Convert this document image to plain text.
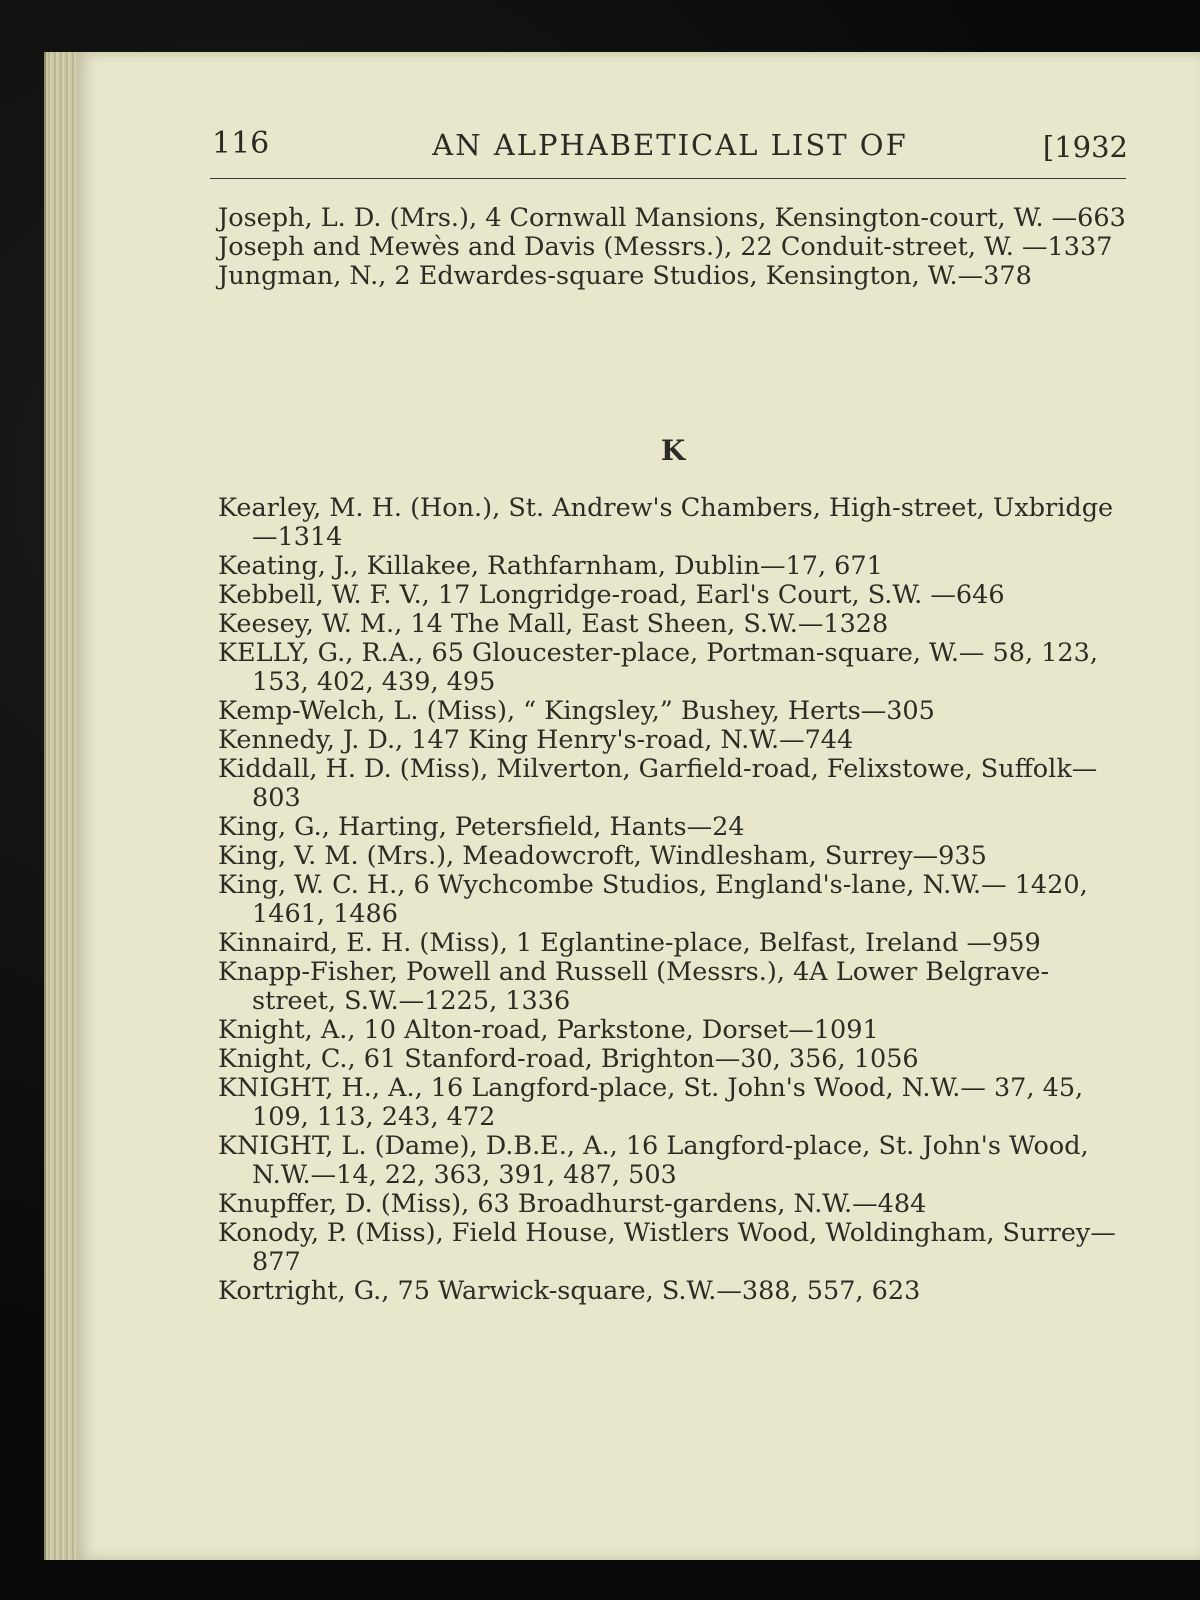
116	AN ALPHABETICAL LIST OF	[1932

Joseph, L. D. (Mrs.), 4 Cornwall Mansions, Kensington-court, W. —663

Joseph and Mewès and Davis (Messrs.), 22 Conduit-street, W. —1337

Jungman, N., 2 Edwardes-square Studios, Kensington, W.—378

K

Kearley, M. H. (Hon.), St. Andrew's Chambers, High-street, Uxbridge—1314

Keating, J., Killakee, Rathfarnham, Dublin—17, 671

Kebbell, W. F. V., 17 Longridge-road, Earl's Court, S.W. —646

Keesey, W. M., 14 The Mall, East Sheen, S.W.—1328

KELLY, G., R.A., 65 Gloucester-place, Portman-square, W.— 58, 123, 153, 402, 439, 495

Kemp-Welch, L. (Miss), “ Kingsley,” Bushey, Herts—305

Kennedy, J. D., 147 King Henry's-road, N.W.—744

Kiddall, H. D. (Miss), Milverton, Garfield-road, Felixstowe, Suffolk—803

King, G., Harting, Petersfield, Hants—24

King, V. M. (Mrs.), Meadowcroft, Windlesham, Surrey—935

King, W. C. H., 6 Wychcombe Studios, England's-lane, N.W.— 1420, 1461, 1486

Kinnaird, E. H. (Miss), 1 Eglantine-place, Belfast, Ireland —959

Knapp-Fisher, Powell and Russell (Messrs.), 4A Lower Belgrave-street, S.W.—1225, 1336

Knight, A., 10 Alton-road, Parkstone, Dorset—1091

Knight, C., 61 Stanford-road, Brighton—30, 356, 1056

KNIGHT, H., A., 16 Langford-place, St. John's Wood, N.W.— 37, 45, 109, 113, 243, 472

KNIGHT, L. (Dame), D.B.E., A., 16 Langford-place, St. John's Wood, N.W.—14, 22, 363, 391, 487, 503

Knupffer, D. (Miss), 63 Broadhurst-gardens, N.W.—484

Konody, P. (Miss), Field House, Wistlers Wood, Woldingham, Surrey—877

Kortright, G., 75 Warwick-square, S.W.—388, 557, 623
